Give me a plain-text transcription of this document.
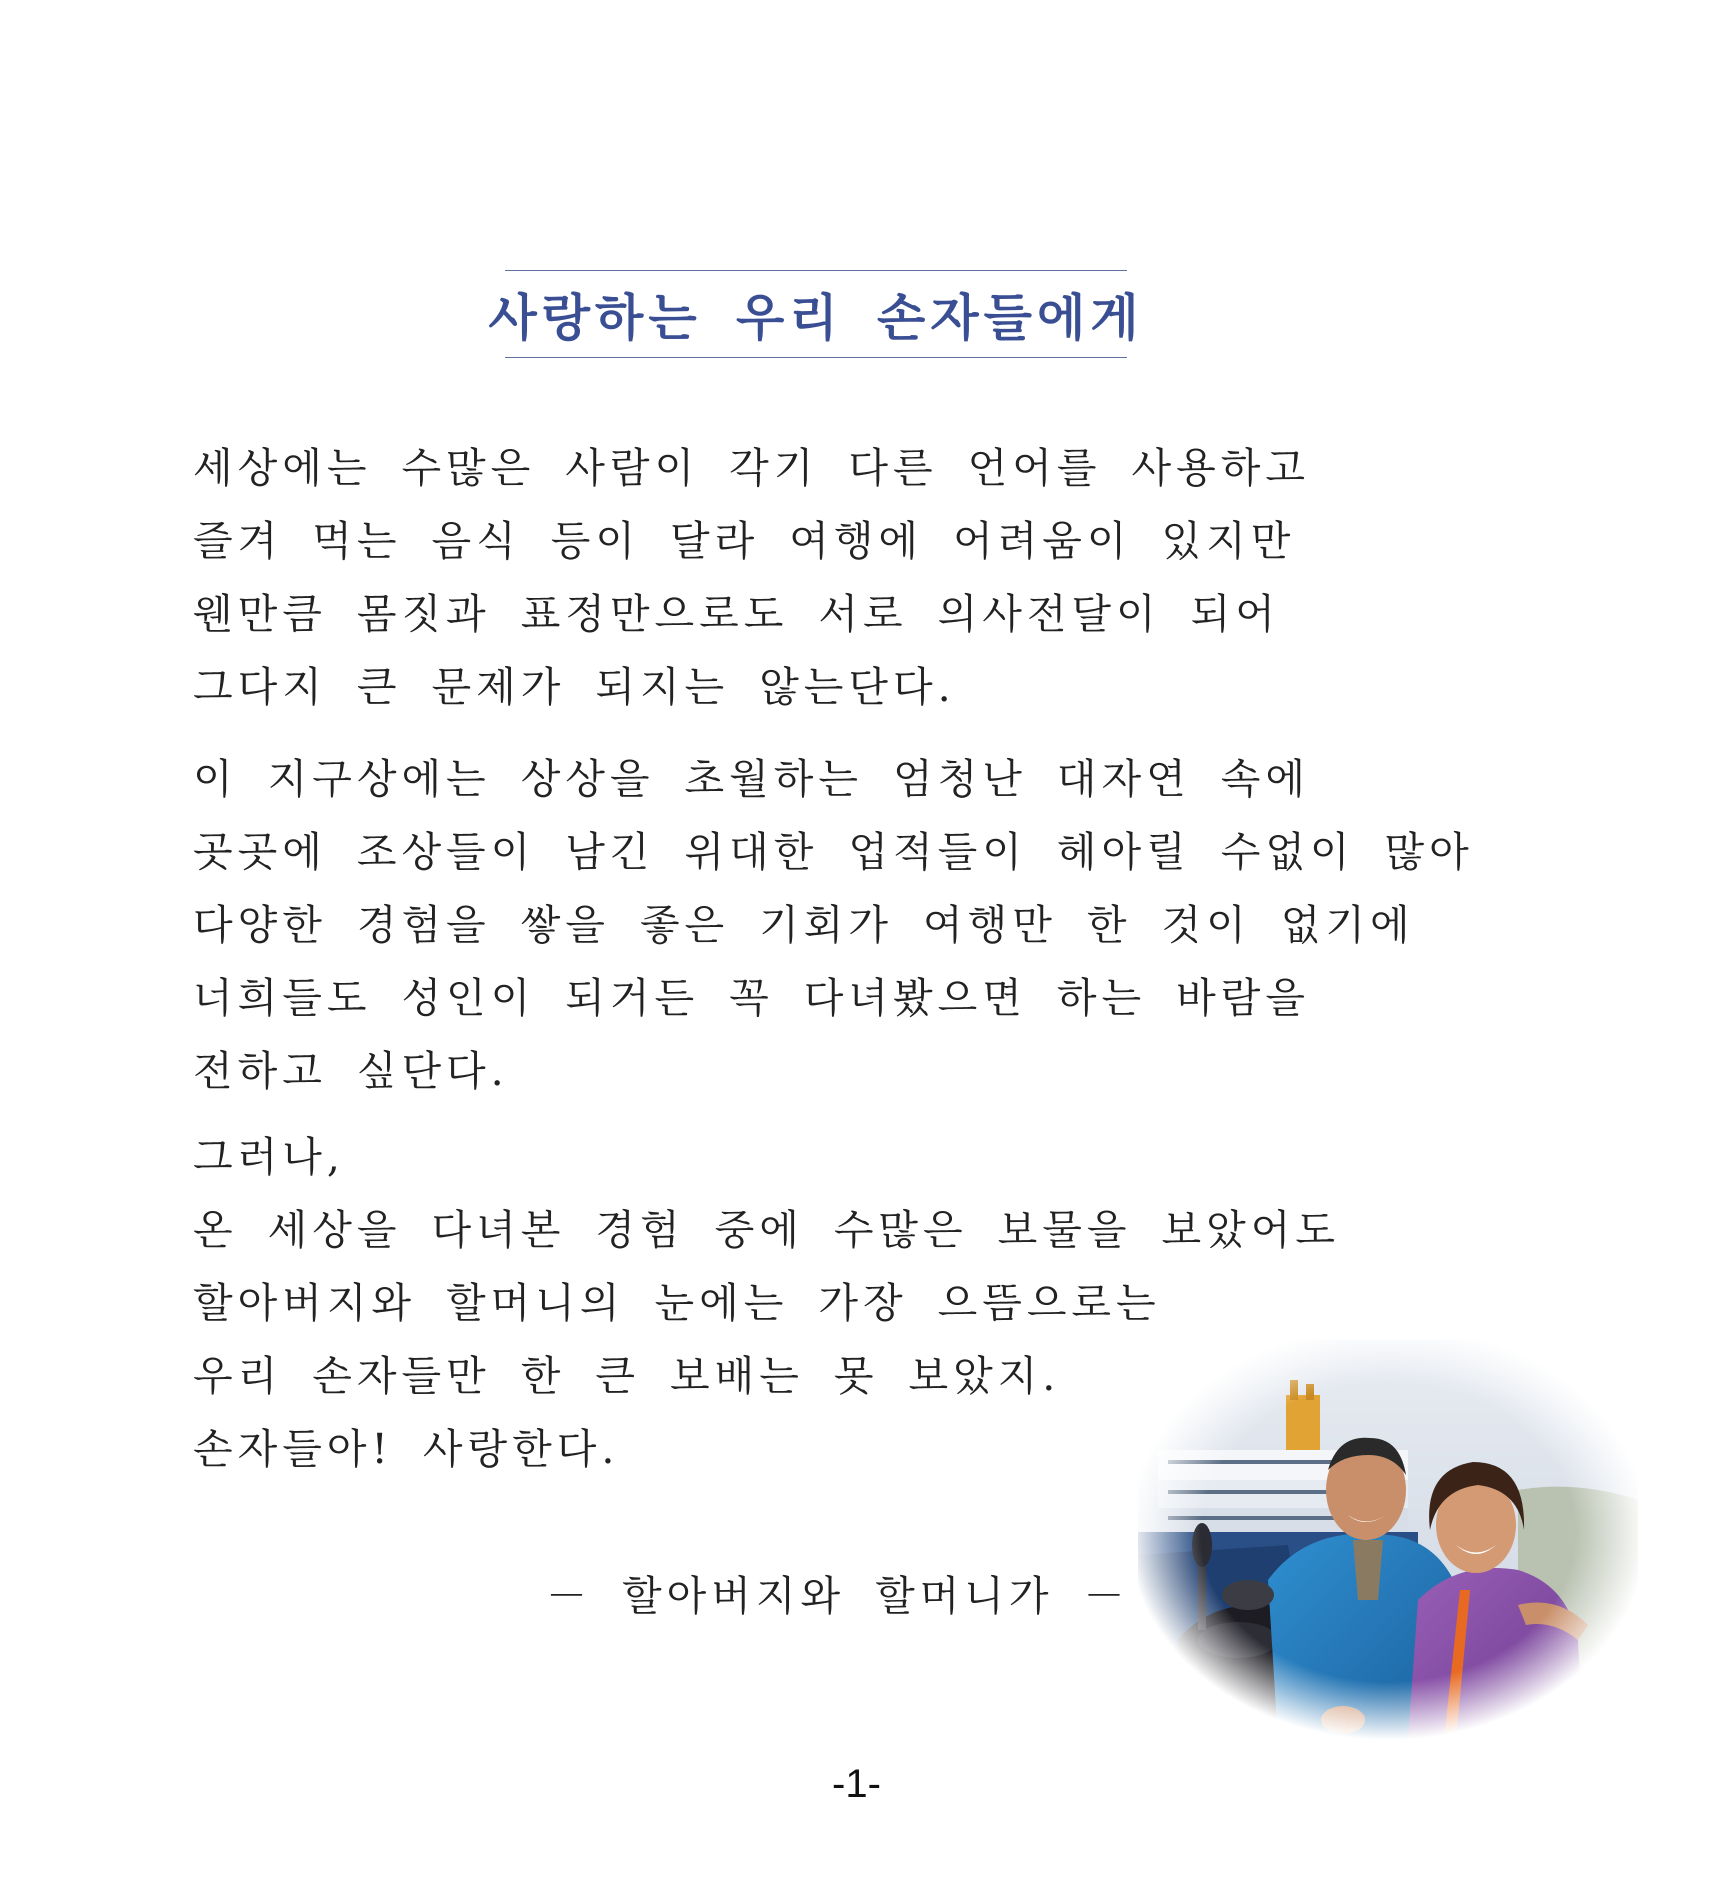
사랑하는 우리 손자들에게
세상에는 수많은 사람이 각기 다른 언어를 사용하고
즐겨 먹는 음식 등이 달라 여행에 어려움이 있지만
웬만큼 몸짓과 표정만으로도 서로 의사전달이 되어
그다지 큰 문제가 되지는 않는단다.
이 지구상에는 상상을 초월하는 엄청난 대자연 속에
곳곳에 조상들이 남긴 위대한 업적들이 헤아릴 수없이 많아
다양한 경험을 쌓을 좋은 기회가 여행만 한 것이 없기에
너희들도 성인이 되거든 꼭 다녀봤으면 하는 바람을
전하고 싶단다.
그러나,
온 세상을 다녀본 경험 중에 수많은 보물을 보았어도
할아버지와 할머니의 눈에는 가장 으뜸으로는
우리 손자들만 한 큰 보배는 못 보았지.
손자들아! 사랑한다.
－ 할아버지와 할머니가 －
-1-
